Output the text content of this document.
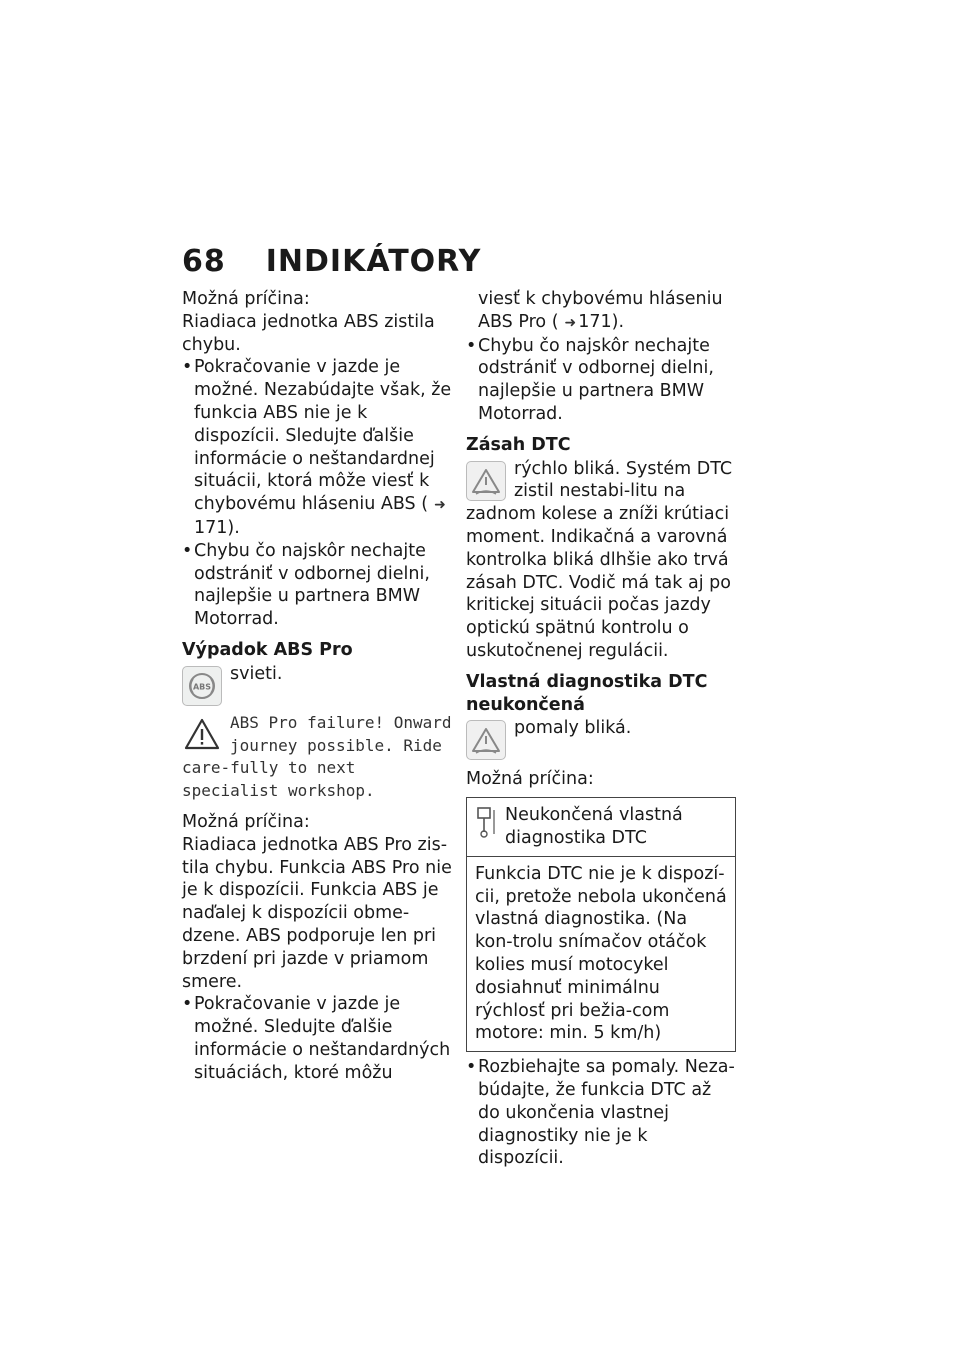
68 INDIKÁTORY

Možná príčina:

Riadiaca jednotka ABS zistila chybu.

• Pokračovanie v jazde je možné. Nezabúdajte však, že funkcia ABS nie je k dispozícii. Sledujte ďalšie informácie o neštandardnej situácii, ktorá môže viesť k chybovému hláseniu ABS ( ➜171).
• Chybu čo najskôr nechajte odstrániť v odbornej dielni, najlepšie u partnera BMW Motorrad.
Výpadok ABS Pro
ABS

svieti.

ABS Pro failure! Onward journey possible. Ride care-fully to next specialist workshop.

Možná príčina:

Riadiaca jednotka ABS Pro zis-tila chybu. Funkcia ABS Pro nie je k dispozícii. Funkcia ABS je naďalej k dispozícii obme-dzene. ABS podporuje len pri brzdení pri jazde v priamom smere.

• Pokračovanie v jazde je možné. Sledujte ďalšie informácie o neštandardných situáciách, ktoré môžu

viesť k chybovému hláseniu ABS Pro ( ➜ 171).

• Chybu čo najskôr nechajte odstrániť v odbornej dielni, najlepšie u partnera BMW Motorrad.
Zásah DTC

rýchlo bliká. Systém DTC zistil nestabi-litu na zadnom kolese a zníži krútiaci moment. Indikačná a varovná kontrolka bliká dlhšie ako trvá zásah DTC. Vodič má tak aj po kritickej situácii počas jazdy optickú spätnú kontrolu o uskutočnenej regulácii.

Vlastná diagnostika DTC neukončená

pomaly bliká.

Možná príčina:

Neukončená vlastná diagnostika DTC
Funkcia DTC nie je k dispozí-cii, pretože nebola ukončená vlastná diagnostika. (Na kon-trolu snímačov otáčok kolies musí motocykel dosiahnuť minimálnu rýchlosť pri bežia-com motore: min. 5 km/h)
• Rozbiehajte sa pomaly. Neza-búdajte, že funkcia DTC až do ukončenia vlastnej diagnostiky nie je k dispozícii.
